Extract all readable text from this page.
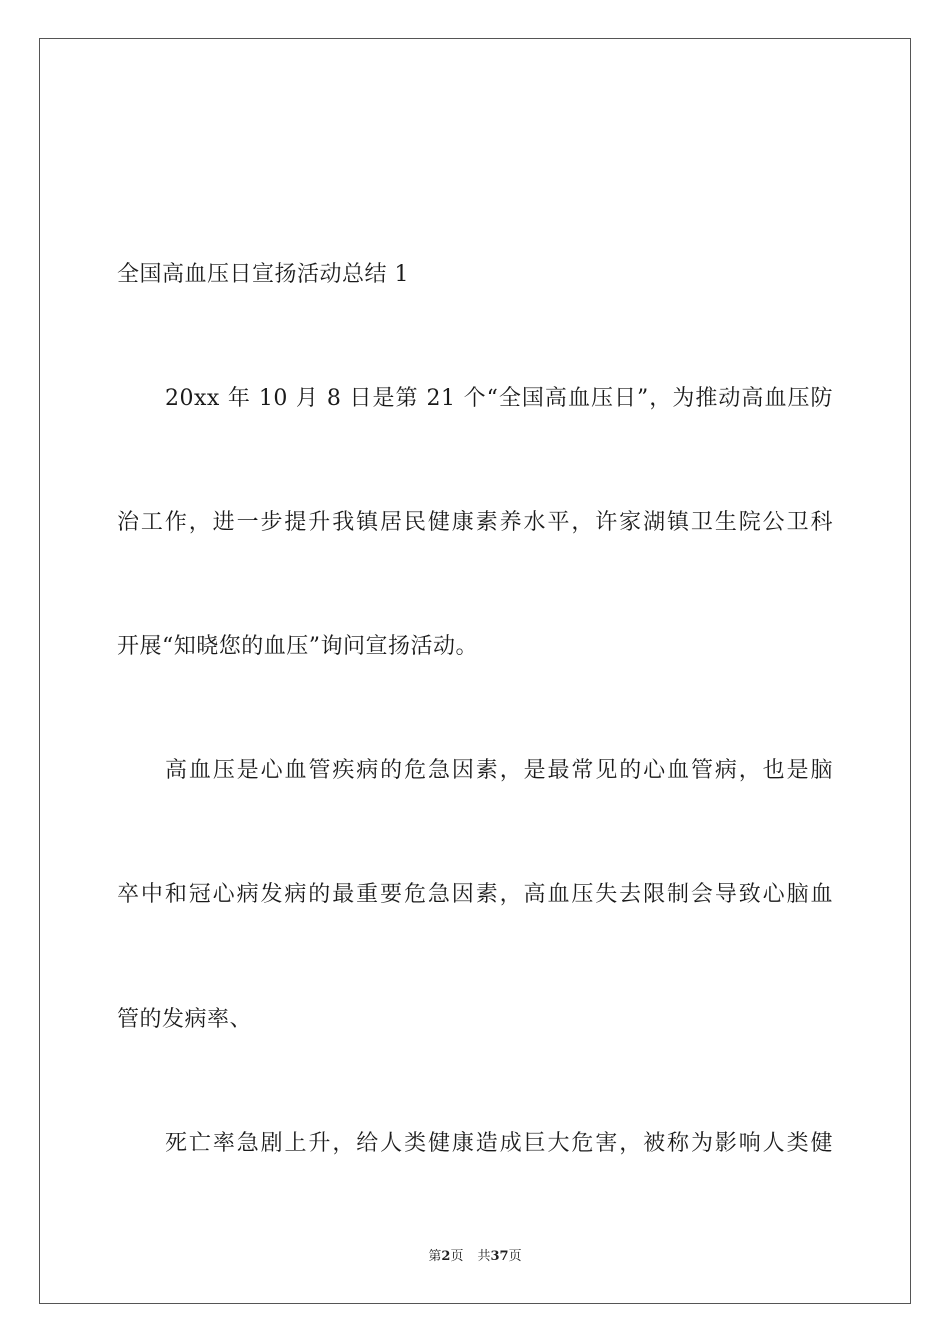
全国高血压日宣扬活动总结 1
20xx 年 10 月 8 日是第 21 个“全国高血压日”，为推动高血压防
治工作，进一步提升我镇居民健康素养水平，许家湖镇卫生院公卫科
开展“知晓您的血压”询问宣扬活动。
高血压是心血管疾病的危急因素，是最常见的心血管病，也是脑
卒中和冠心病发病的最重要危急因素，高血压失去限制会导致心脑血
管的发病率、
死亡率急剧上升，给人类健康造成巨大危害，被称为影响人类健
第2页 共37页
